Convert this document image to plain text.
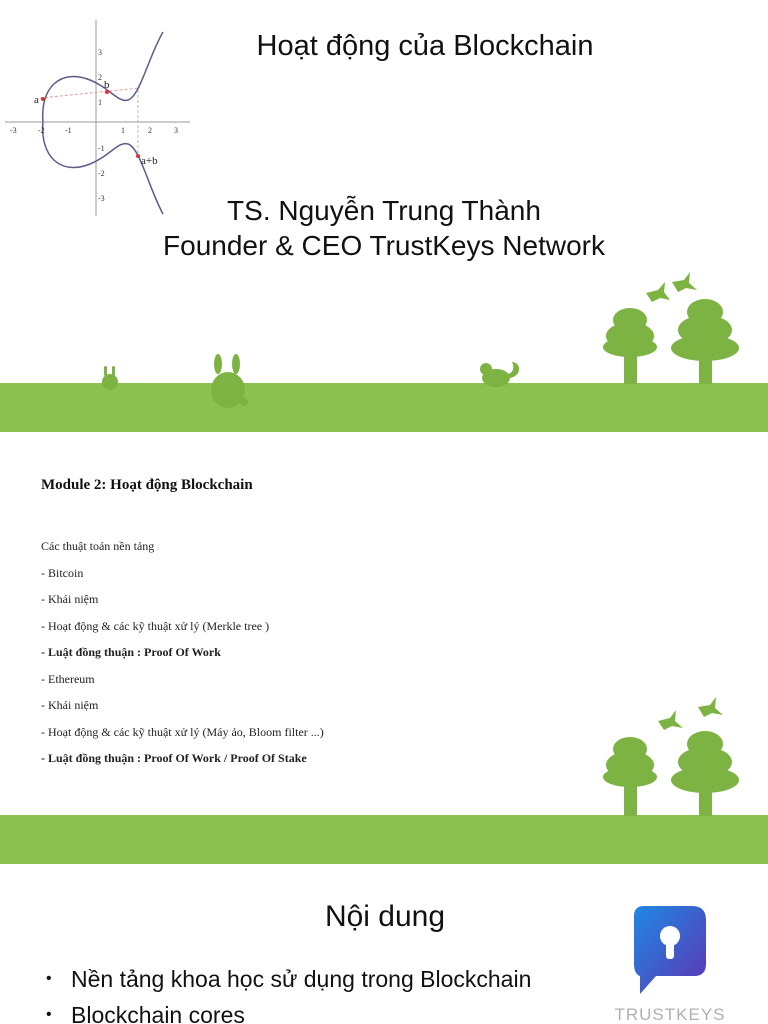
a
b
a+b
-3	-2	-1	1	2	3
3
2
1
-1
-2
-3
Hoạt động của Blockchain
TS. Nguyễn Trung Thành
Founder & CEO TrustKeys Network
Module 2: Hoạt động Blockchain
Các thuật toán nền tảng
- Bitcoin
- Khái niệm
- Hoạt động & các kỹ thuật xử lý (Merkle tree )
- Luật đồng thuận : Proof Of Work
- Ethereum
- Khái niệm
- Hoạt động & các kỹ thuật xử lý (Máy ảo, Bloom filter ...)
- Luật đồng thuận : Proof Of Work / Proof Of Stake
Nội dung
• Nền tảng khoa học sử dụng trong Blockchain
• Blockchain cores	TRUSTKEYS
